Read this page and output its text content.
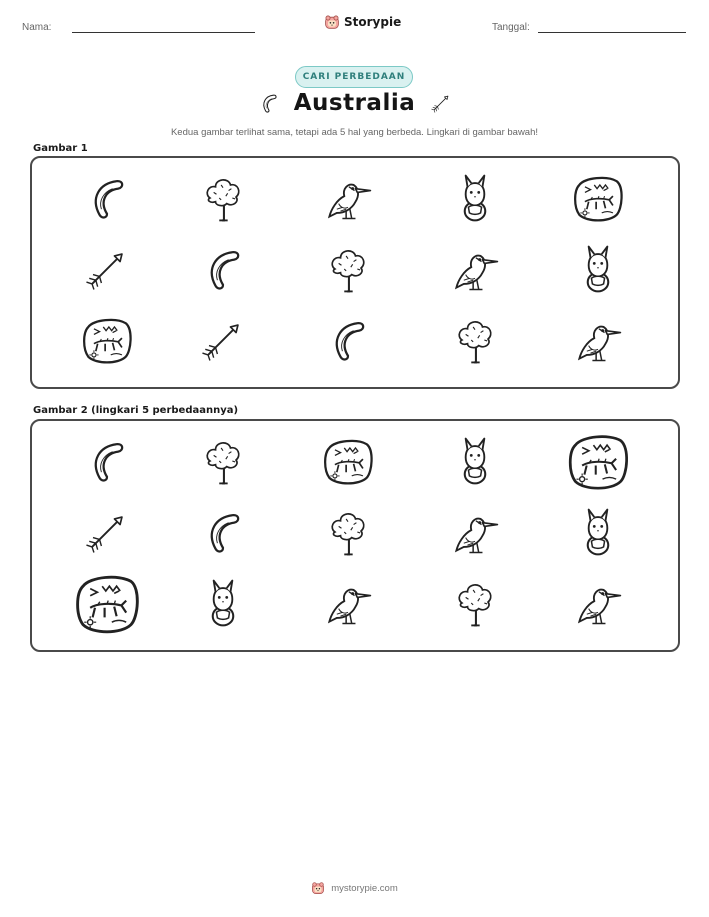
Nama:	Storypie	Tanggal:
CARI PERBEDAAN
Australia
Kedua gambar terlihat sama, tetapi ada 5 hal yang berbeda. Lingkari di gambar bawah!
Gambar 1
Gambar 2 (lingkari 5 perbedaannya)
mystorypie.com
